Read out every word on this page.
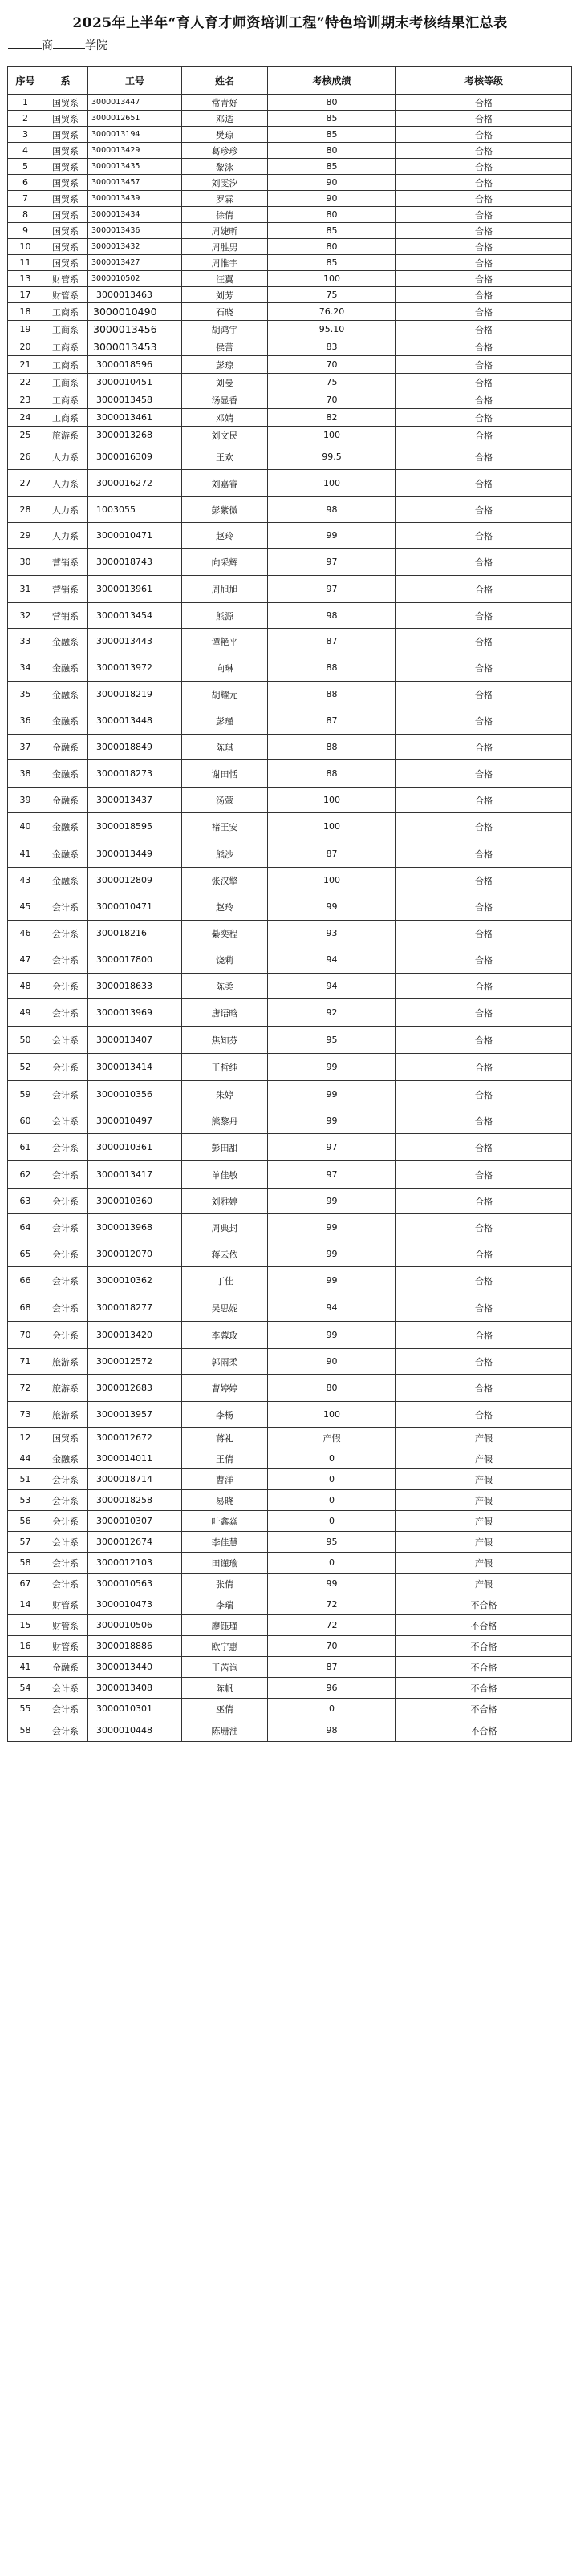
2025年上半年“育人育才师资培训工程”特色培训期末考核结果汇总表
商	学院
序号	系	工号	姓名	考核成绩	考核等级
1	国贸系	3000013447	常青妤	80	合格
2	国贸系	3000012651	邓适	85	合格
3	国贸系	3000013194	樊琼	85	合格
4	国贸系	3000013429	葛珍珍	80	合格
5	国贸系	3000013435	黎泳	85	合格
6	国贸系	3000013457	刘雯汐	90	合格
7	国贸系	3000013439	罗霖	90	合格
8	国贸系	3000013434	徐倩	80	合格
9	国贸系	3000013436	周婕昕	85	合格
10	国贸系	3000013432	周胜男	80	合格
11	国贸系	3000013427	周惟宇	85	合格
13	财管系	3000010502	汪翼	100	合格
17	财管系	3000013463	刘芳	75	合格
18	工商系	3000010490	石晓	76.20	合格
19	工商系	3000013456	胡鸿宇	95.10	合格
20	工商系	3000013453	侯蕾	83	合格
21	工商系	3000018596	彭琼	70	合格
22	工商系	3000010451	刘曼	75	合格
23	工商系	3000013458	汤显香	70	合格
24	工商系	3000013461	邓婧	82	合格
25	旅游系	3000013268	刘文民	100	合格
26	人力系	3000016309	王欢	99.5	合格
27	人力系	3000016272	刘嘉睿	100	合格
28	人力系	1003055	彭紫微	98	合格
29	人力系	3000010471	赵玲	99	合格
30	营销系	3000018743	向采辉	97	合格
31	营销系	3000013961	周旭旭	97	合格
32	营销系	3000013454	熊源	98	合格
33	金融系	3000013443	谭艳平	87	合格
34	金融系	3000013972	向琳	88	合格
35	金融系	3000018219	胡耀元	88	合格
36	金融系	3000013448	彭瑾	87	合格
37	金融系	3000018849	陈琪	88	合格
38	金融系	3000018273	谢田恬	88	合格
39	金融系	3000013437	汤蔻	100	合格
40	金融系	3000018595	褚王安	100	合格
41	金融系	3000013449	熊沙	87	合格
43	金融系	3000012809	张汉擎	100	合格
45	会计系	3000010471	赵玲	99	合格
46	会计系	300018216	綦奕程	93	合格
47	会计系	3000017800	饶莉	94	合格
48	会计系	3000018633	陈柔	94	合格
49	会计系	3000013969	唐语晗	92	合格
50	会计系	3000013407	焦知芬	95	合格
52	会计系	3000013414	王哲纯	99	合格
59	会计系	3000010356	朱婷	99	合格
60	会计系	3000010497	熊黎丹	99	合格
61	会计系	3000010361	彭田甜	97	合格
62	会计系	3000013417	单佳敏	97	合格
63	会计系	3000010360	刘雅婷	99	合格
64	会计系	3000013968	周典封	99	合格
65	会计系	3000012070	蒋云依	99	合格
66	会计系	3000010362	丁佳	99	合格
68	会计系	3000018277	吴思妮	94	合格
70	会计系	3000013420	李蓉玫	99	合格
71	旅游系	3000012572	郭雨柔	90	合格
72	旅游系	3000012683	曹婷婷	80	合格
73	旅游系	3000013957	李杨	100	合格
12	国贸系	3000012672	蒋礼	产假	产假
44	金融系	3000014011	王倩	0	产假
51	会计系	3000018714	曹洋	0	产假
53	会计系	3000018258	易晓	0	产假
56	会计系	3000010307	叶鑫焱	0	产假
57	会计系	3000012674	李佳慧	95	产假
58	会计系	3000012103	田谨瑜	0	产假
67	会计系	3000010563	张倩	99	产假
14	财管系	3000010473	李瑞	72	不合格
15	财管系	3000010506	廖钰瑾	72	不合格
16	财管系	3000018886	欧宁惠	70	不合格
41	金融系	3000013440	王芮询	87	不合格
54	会计系	3000013408	陈帆	96	不合格
55	会计系	3000010301	巫倩	0	不合格
58	会计系	3000010448	陈珊淮	98	不合格
